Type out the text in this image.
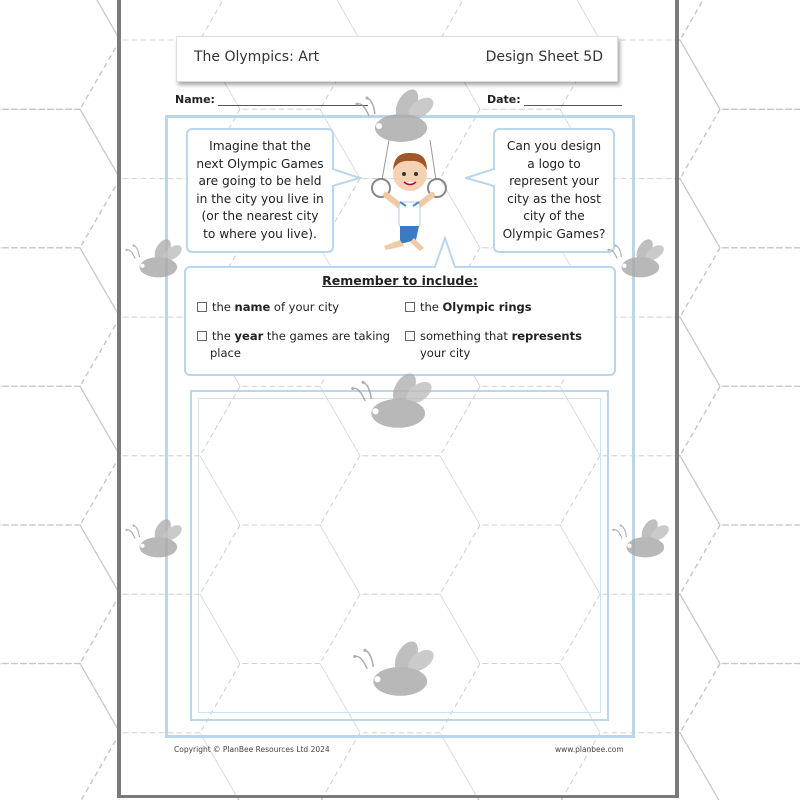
The Olympics: Art	Design Sheet 5D
Name:	Date:
Imagine that the
next Olympic Games
are going to be held
in the city you live in
(or the nearest city
to where you live).
Can you design
a logo to
represent your
city as the host
city of the
Olympic Games?
Remember to include:
the name of your city	the Olympic rings
the year the games are taking
place
something that represents
your city
Copyright © PlanBee Resources Ltd 2024	www.planbee.com
